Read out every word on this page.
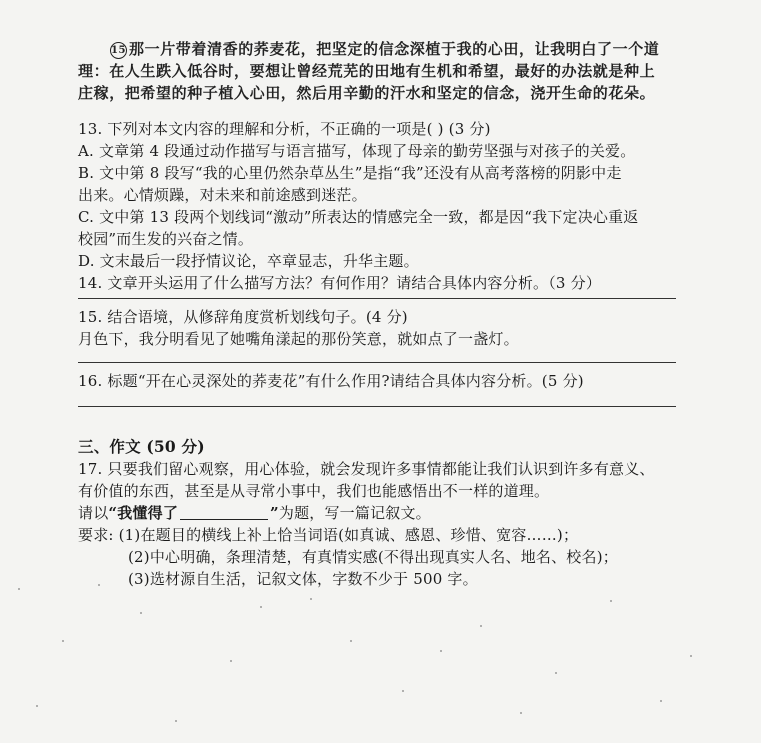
15 那一片带着清香的荞麦花，把坚定的信念深植于我的心田，让我明白了一个道
理：在人生跌入低谷时，要想让曾经荒芜的田地有生机和希望，最好的办法就是种上
庄稼，把希望的种子植入心田，然后用辛勤的汗水和坚定的信念，浇开生命的花朵。
13. 下列对本文内容的理解和分析，不正确的一项是( ) (3 分)
A. 文章第 4 段通过动作描写与语言描写，体现了母亲的勤劳坚强与对孩子的关爱。
B. 文中第 8 段写“我的心里仍然杂草丛生”是指“我”还没有从高考落榜的阴影中走
出来。心情烦躁，对未来和前途感到迷茫。
C. 文中第 13 段两个划线词“激动”所表达的情感完全一致，都是因“我下定决心重返
校园”而生发的兴奋之情。
D. 文末最后一段抒情议论，卒章显志，升华主题。
14. 文章开头运用了什么描写方法？有何作用？请结合具体内容分析。（3 分）
15. 结合语境，从修辞角度赏析划线句子。(4 分)
月色下，我分明看见了她嘴角漾起的那份笑意，就如点了一盏灯。
16. 标题“开在心灵深处的荞麦花”有什么作用?请结合具体内容分析。(5 分)
三、作文 (50 分)
17. 只要我们留心观察，用心体验，就会发现许多事情都能让我们认识到许多有意义、
有价值的东西，甚至是从寻常小事中，我们也能感悟出不一样的道理。
请以“我懂得了	”为题，写一篇记叙文。
要求: (1)在题目的横线上补上恰当词语(如真诚、感恩、珍惜、宽容……)；
(2)中心明确，条理清楚，有真情实感(不得出现真实人名、地名、校名)；
(3)选材源自生活，记叙文体，字数不少于 500 字。
